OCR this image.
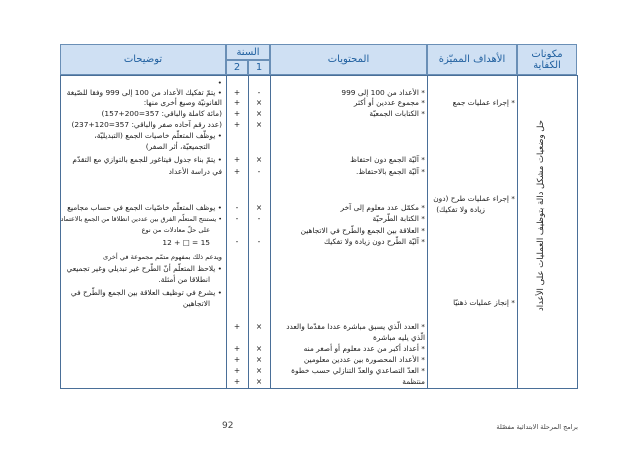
مكونات الكفاية
الأهداف المميّزة
المحتويات
السنة
1
2
توضيحات
حل وضعيات مشكل دالة بتوظيف العمليات على الأعداد
* إجراء عمليات جمع
* إجراء عمليات طرح (دون
زيادة ولا تفكيك)
* إنجاز عمليات ذهنيّا
* الأعداد من 100 إلى 999
* مجموع عددين أو أكثر
* الكتابات الجمعيّة
* آليّة الجمع دون احتفاظ
* آليّة الجمع بالاحتفاظ.
* مكمّل عدد معلوم إلى آخر
* الكتابة الطّرحيّة
* العلاقة بين الجمع والطّرح في الاتجاهين
* آليّة الطّرح دون زيادة ولا تفكيك
* العدد الّذي يسبق مباشرة عددا مقدّما والعدد
الّذي يليه مباشرة
* أعداد أكبر من عدد معلوم أو أصغر منه
* الأعداد المحصورة بين عددين معلومين
* العدّ التصاعدي والعدّ التنازلي حسب خطوة
منتظمة
-
×
×
×
×
-
×
-
-
×
×
×
×
×
+
+
+
+
+
+
-
-
-
+
+
+
+
+
•
• يتمّ تفكيك الأعداد من 100 إلى 999 وفقا للصّيغة
القانونيّة وصيغ أخرى منها:
(مائة كاملة والباقي: 357=200+157)
(عدد رقم آحاده صفر والباقي: 357=120+237)
• يوظّف المتعلّم خاصيات الجمع (التبديليّة،
التجميعيّة، أثر الصفر)
• يتمّ بناء جدول فيتاغور للجمع بالتوازي مع التقدّم
في دراسة الأعداد
• يوظف المتعلّم خاصّيات الجمع في حساب مجاميع
• يستنتج المتعلّم الفرق بين عددين انطلاقا من الجمع بالاعتماد
على حلّ معادلات من نوع
12 + □ = 15
ويدعم ذلك بمفهوم متمّم مجموعة في أخرى
• يلاحظ المتعلّم أنّ الطّرح غير تبديلي وغير تجميعي
انطلاقا من أمثلة.
• يشرع في توظيف العلاقة بين الجمع والطّرح في
الاتجاهين
92	برامج المرحلة الابتدائية مفصّلة
